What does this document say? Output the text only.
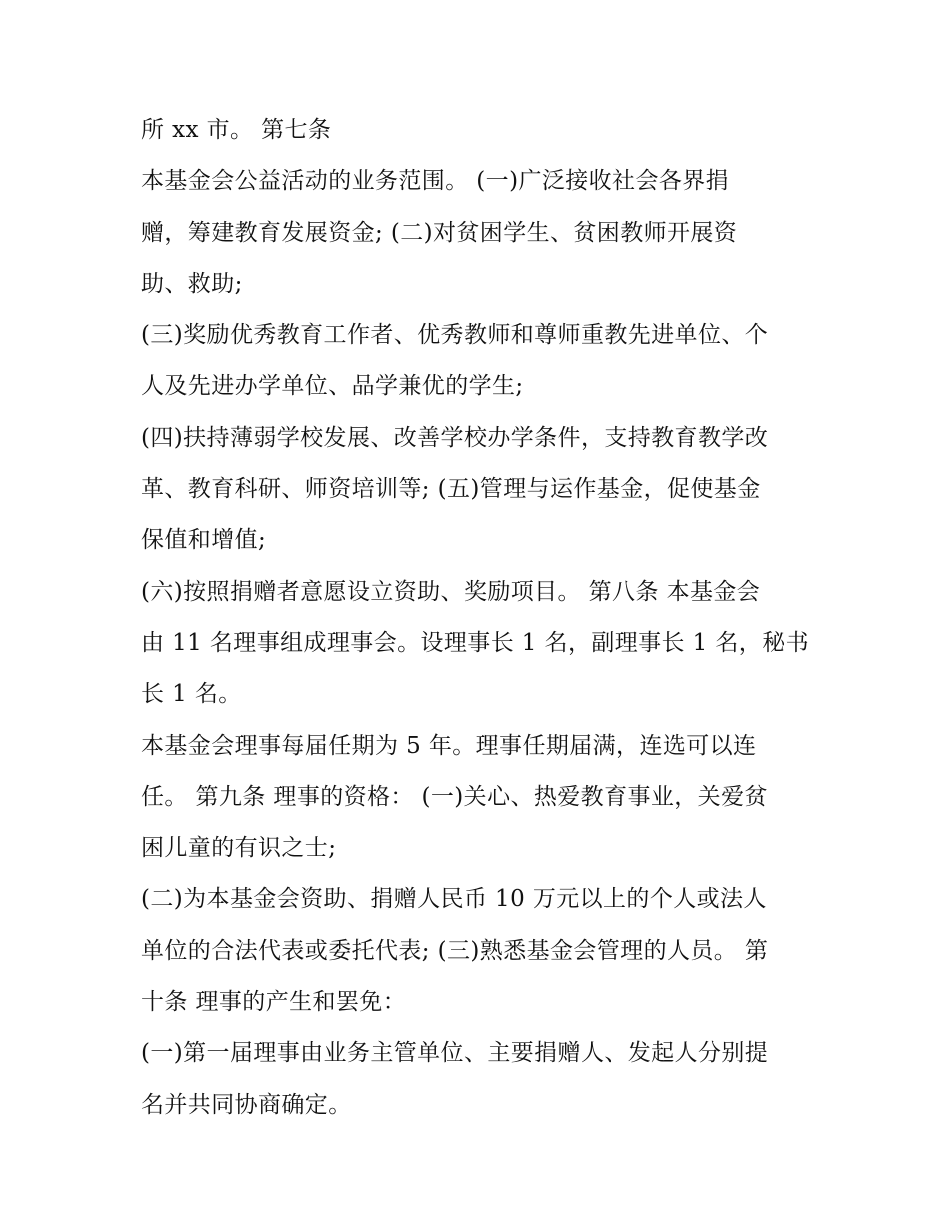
所 xx 市。 第七条
本基金会公益活动的业务范围。 (一)广泛接收社会各界捐
赠，筹建教育发展资金; (二)对贫困学生、贫困教师开展资
助、救助;
(三)奖励优秀教育工作者、优秀教师和尊师重教先进单位、个
人及先进办学单位、品学兼优的学生;
(四)扶持薄弱学校发展、改善学校办学条件，支持教育教学改
革、教育科研、师资培训等; (五)管理与运作基金，促使基金
保值和增值;
(六)按照捐赠者意愿设立资助、奖励项目。 第八条 本基金会
由 11 名理事组成理事会。设理事长 1 名，副理事长 1 名，秘书
长 1 名。
本基金会理事每届任期为 5 年。理事任期届满，连选可以连
任。 第九条 理事的资格： (一)关心、热爱教育事业，关爱贫
困儿童的有识之士;
(二)为本基金会资助、捐赠人民币 10 万元以上的个人或法人
单位的合法代表或委托代表; (三)熟悉基金会管理的人员。 第
十条 理事的产生和罢免：
(一)第一届理事由业务主管单位、主要捐赠人、发起人分别提
名并共同协商确定。
